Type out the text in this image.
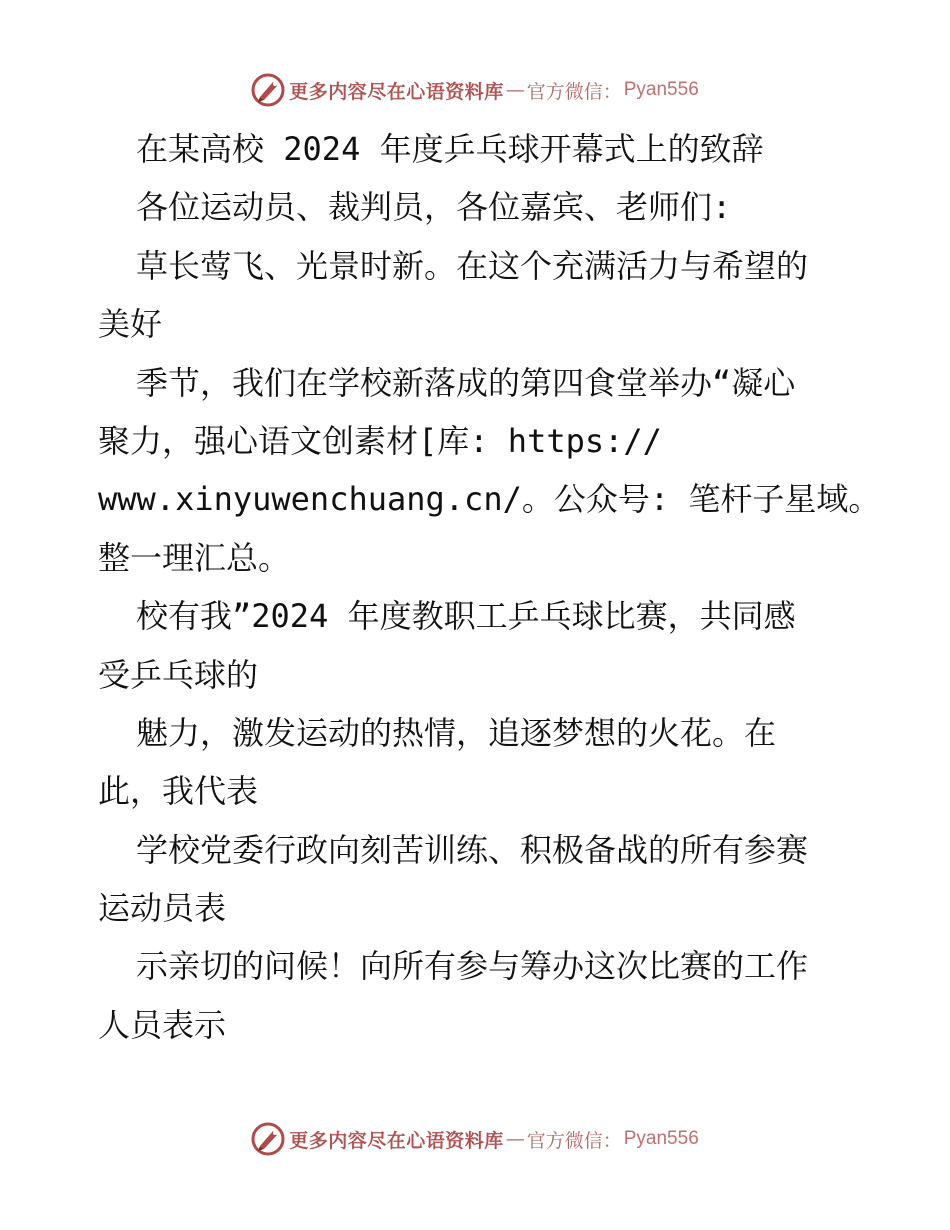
更多内容尽在心语资料库 — 官方微信： Pyan556
在某高校 2024 年度乒乓球开幕式上的致辞
各位运动员、裁判员，各位嘉宾、老师们:
草长莺飞、光景时新。在这个充满活力与希望的
美好
季节，我们在学校新落成的第四食堂举办“凝心
聚力，强心语文创素材[库: https://
www.xinyuwenchuang.cn/。公众号: 笔杆子星域。
整一理汇总。
校有我”2024 年度教职工乒乓球比赛，共同感
受乒乓球的
魅力，激发运动的热情，追逐梦想的火花。在
此，我代表
学校党委行政向刻苦训练、积极备战的所有参赛
运动员表
示亲切的问候！向所有参与筹办这次比赛的工作
人员表示
更多内容尽在心语资料库 — 官方微信： Pyan556
